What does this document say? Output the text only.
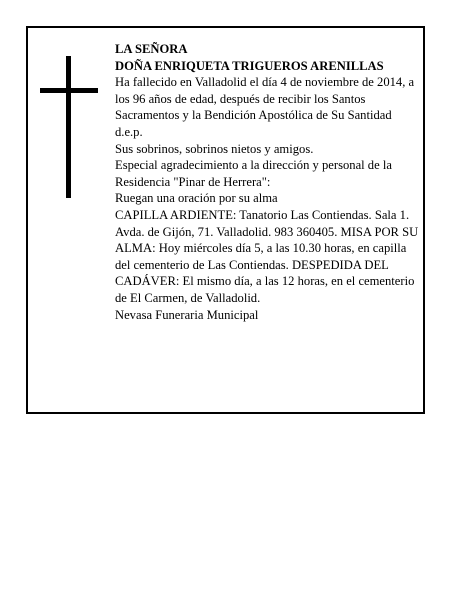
LA SEÑORA
DOÑA ENRIQUETA TRIGUEROS ARENILLAS
Ha fallecido en Valladolid el día 4 de noviembre de 2014, a los 96 años de edad, después de recibir los Santos Sacramentos y la Bendición Apostólica de Su Santidad
d.e.p.
Sus sobrinos, sobrinos nietos y amigos.
Especial agradecimiento a la dirección y personal de la Residencia "Pinar de Herrera":
Ruegan una oración por su alma
CAPILLA ARDIENTE: Tanatorio Las Contiendas. Sala 1. Avda. de Gijón, 71. Valladolid. 983 360405. MISA POR SU ALMA: Hoy miércoles día 5, a las 10.30 horas, en capilla del cementerio de Las Contiendas. DESPEDIDA DEL CADÁVER: El mismo día, a las 12 horas, en el cementerio de El Carmen, de Valladolid.
Nevasa Funeraria Municipal
